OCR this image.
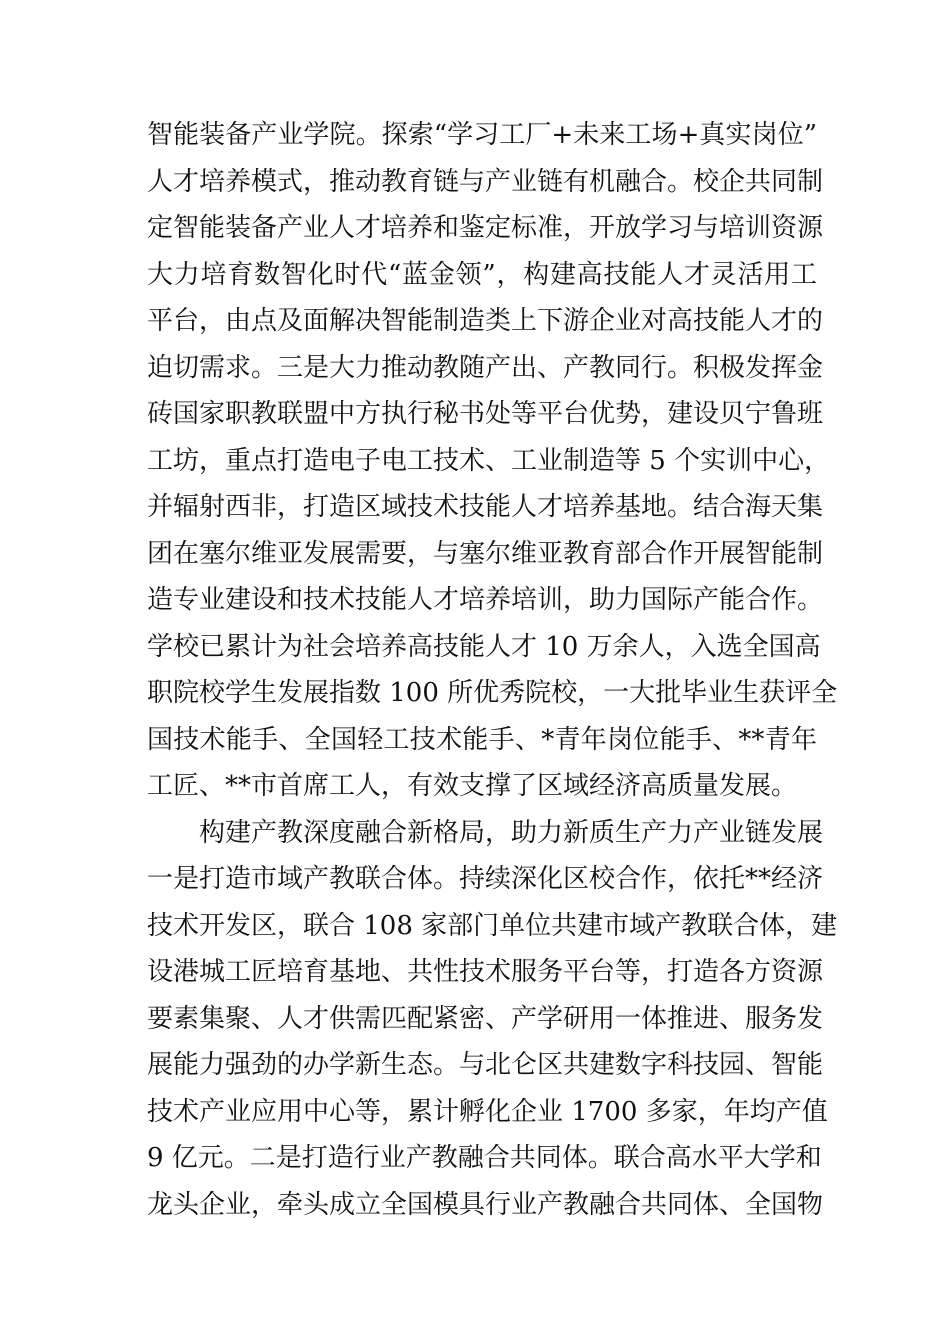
智能装备产业学院。探索“学习工厂+未来工场+真实岗位”
人才培养模式，推动教育链与产业链有机融合。校企共同制
定智能装备产业人才培养和鉴定标准，开放学习与培训资源
大力培育数智化时代“蓝金领”，构建高技能人才灵活用工
平台，由点及面解决智能制造类上下游企业对高技能人才的
迫切需求。三是大力推动教随产出、产教同行。积极发挥金
砖国家职教联盟中方执行秘书处等平台优势，建设贝宁鲁班
工坊，重点打造电子电工技术、工业制造等 5 个实训中心，
并辐射西非，打造区域技术技能人才培养基地。结合海天集
团在塞尔维亚发展需要，与塞尔维亚教育部合作开展智能制
造专业建设和技术技能人才培养培训，助力国际产能合作。
学校已累计为社会培养高技能人才 10 万余人，入选全国高
职院校学生发展指数 100 所优秀院校，一大批毕业生获评全
国技术能手、全国轻工技术能手、*青年岗位能手、**青年
工匠、**市首席工人，有效支撑了区域经济高质量发展。
构建产教深度融合新格局，助力新质生产力产业链发展
一是打造市域产教联合体。持续深化区校合作，依托**经济
技术开发区，联合 108 家部门单位共建市域产教联合体，建
设港城工匠培育基地、共性技术服务平台等，打造各方资源
要素集聚、人才供需匹配紧密、产学研用一体推进、服务发
展能力强劲的办学新生态。与北仑区共建数字科技园、智能
技术产业应用中心等，累计孵化企业 1700 多家，年均产值
9 亿元。二是打造行业产教融合共同体。联合高水平大学和
龙头企业，牵头成立全国模具行业产教融合共同体、全国物
